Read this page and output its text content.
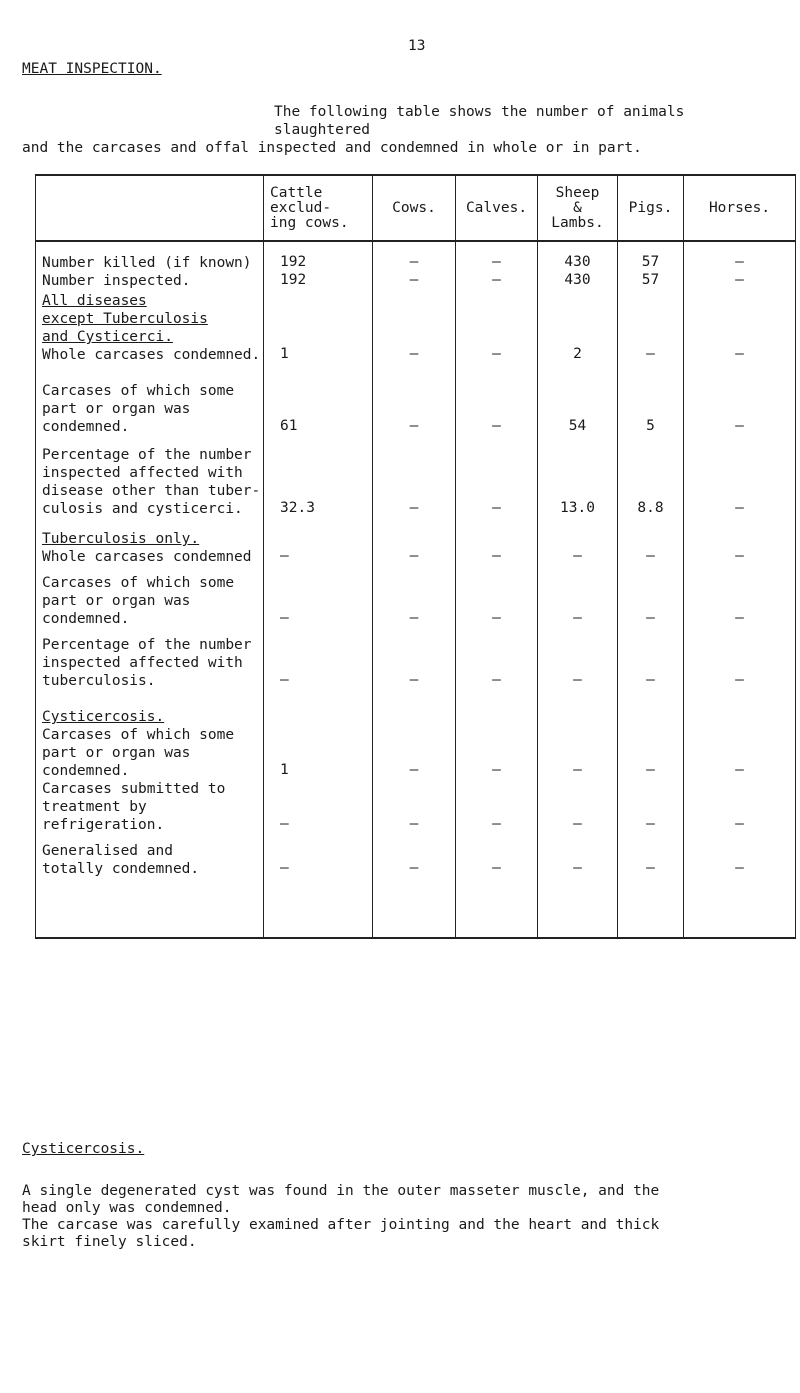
13
MEAT INSPECTION.

The following table shows the number of animals slaughtered

and the carcases and offal inspected and condemned in whole or in part.

	Cattle
exclud-
ing cows.	Cows.	Calves.	Sheep
&
Lambs.	Pigs.	Horses.

Number killed (if known)	192	–	–	430	57	–

Number inspected.	192	–	–	430	57	–

All diseases
except Tuberculosis
and Cysticerci.
Whole carcases condemned.	1	–	–	2	–	–

Carcases of which some
part or organ was
condemned.	61	–	–	54	5	–

Percentage of the number
inspected affected with
disease other than tuber-
culosis and cysticerci.	32.3	–	–	13.0	8.8	–

Tuberculosis only.
Whole carcases condemned	–	–	–	–	–	–

Carcases of which some
part or organ was
condemned.	–	–	–	–	–	–

Percentage of the number
inspected affected with
tuberculosis.	–	–	–	–	–	–

Cysticercosis.
Carcases of which some
part or organ was
condemned.	1	–	–	–	–	–

Carcases submitted to
treatment by
refrigeration.	–	–	–	–	–	–

Generalised and
totally condemned.	–	–	–	–	–	–
Cysticercosis.

A single degenerated cyst was found in the outer masseter muscle, and the

head only was condemned.

The carcase was carefully examined after jointing and the heart and thick

skirt finely sliced.
